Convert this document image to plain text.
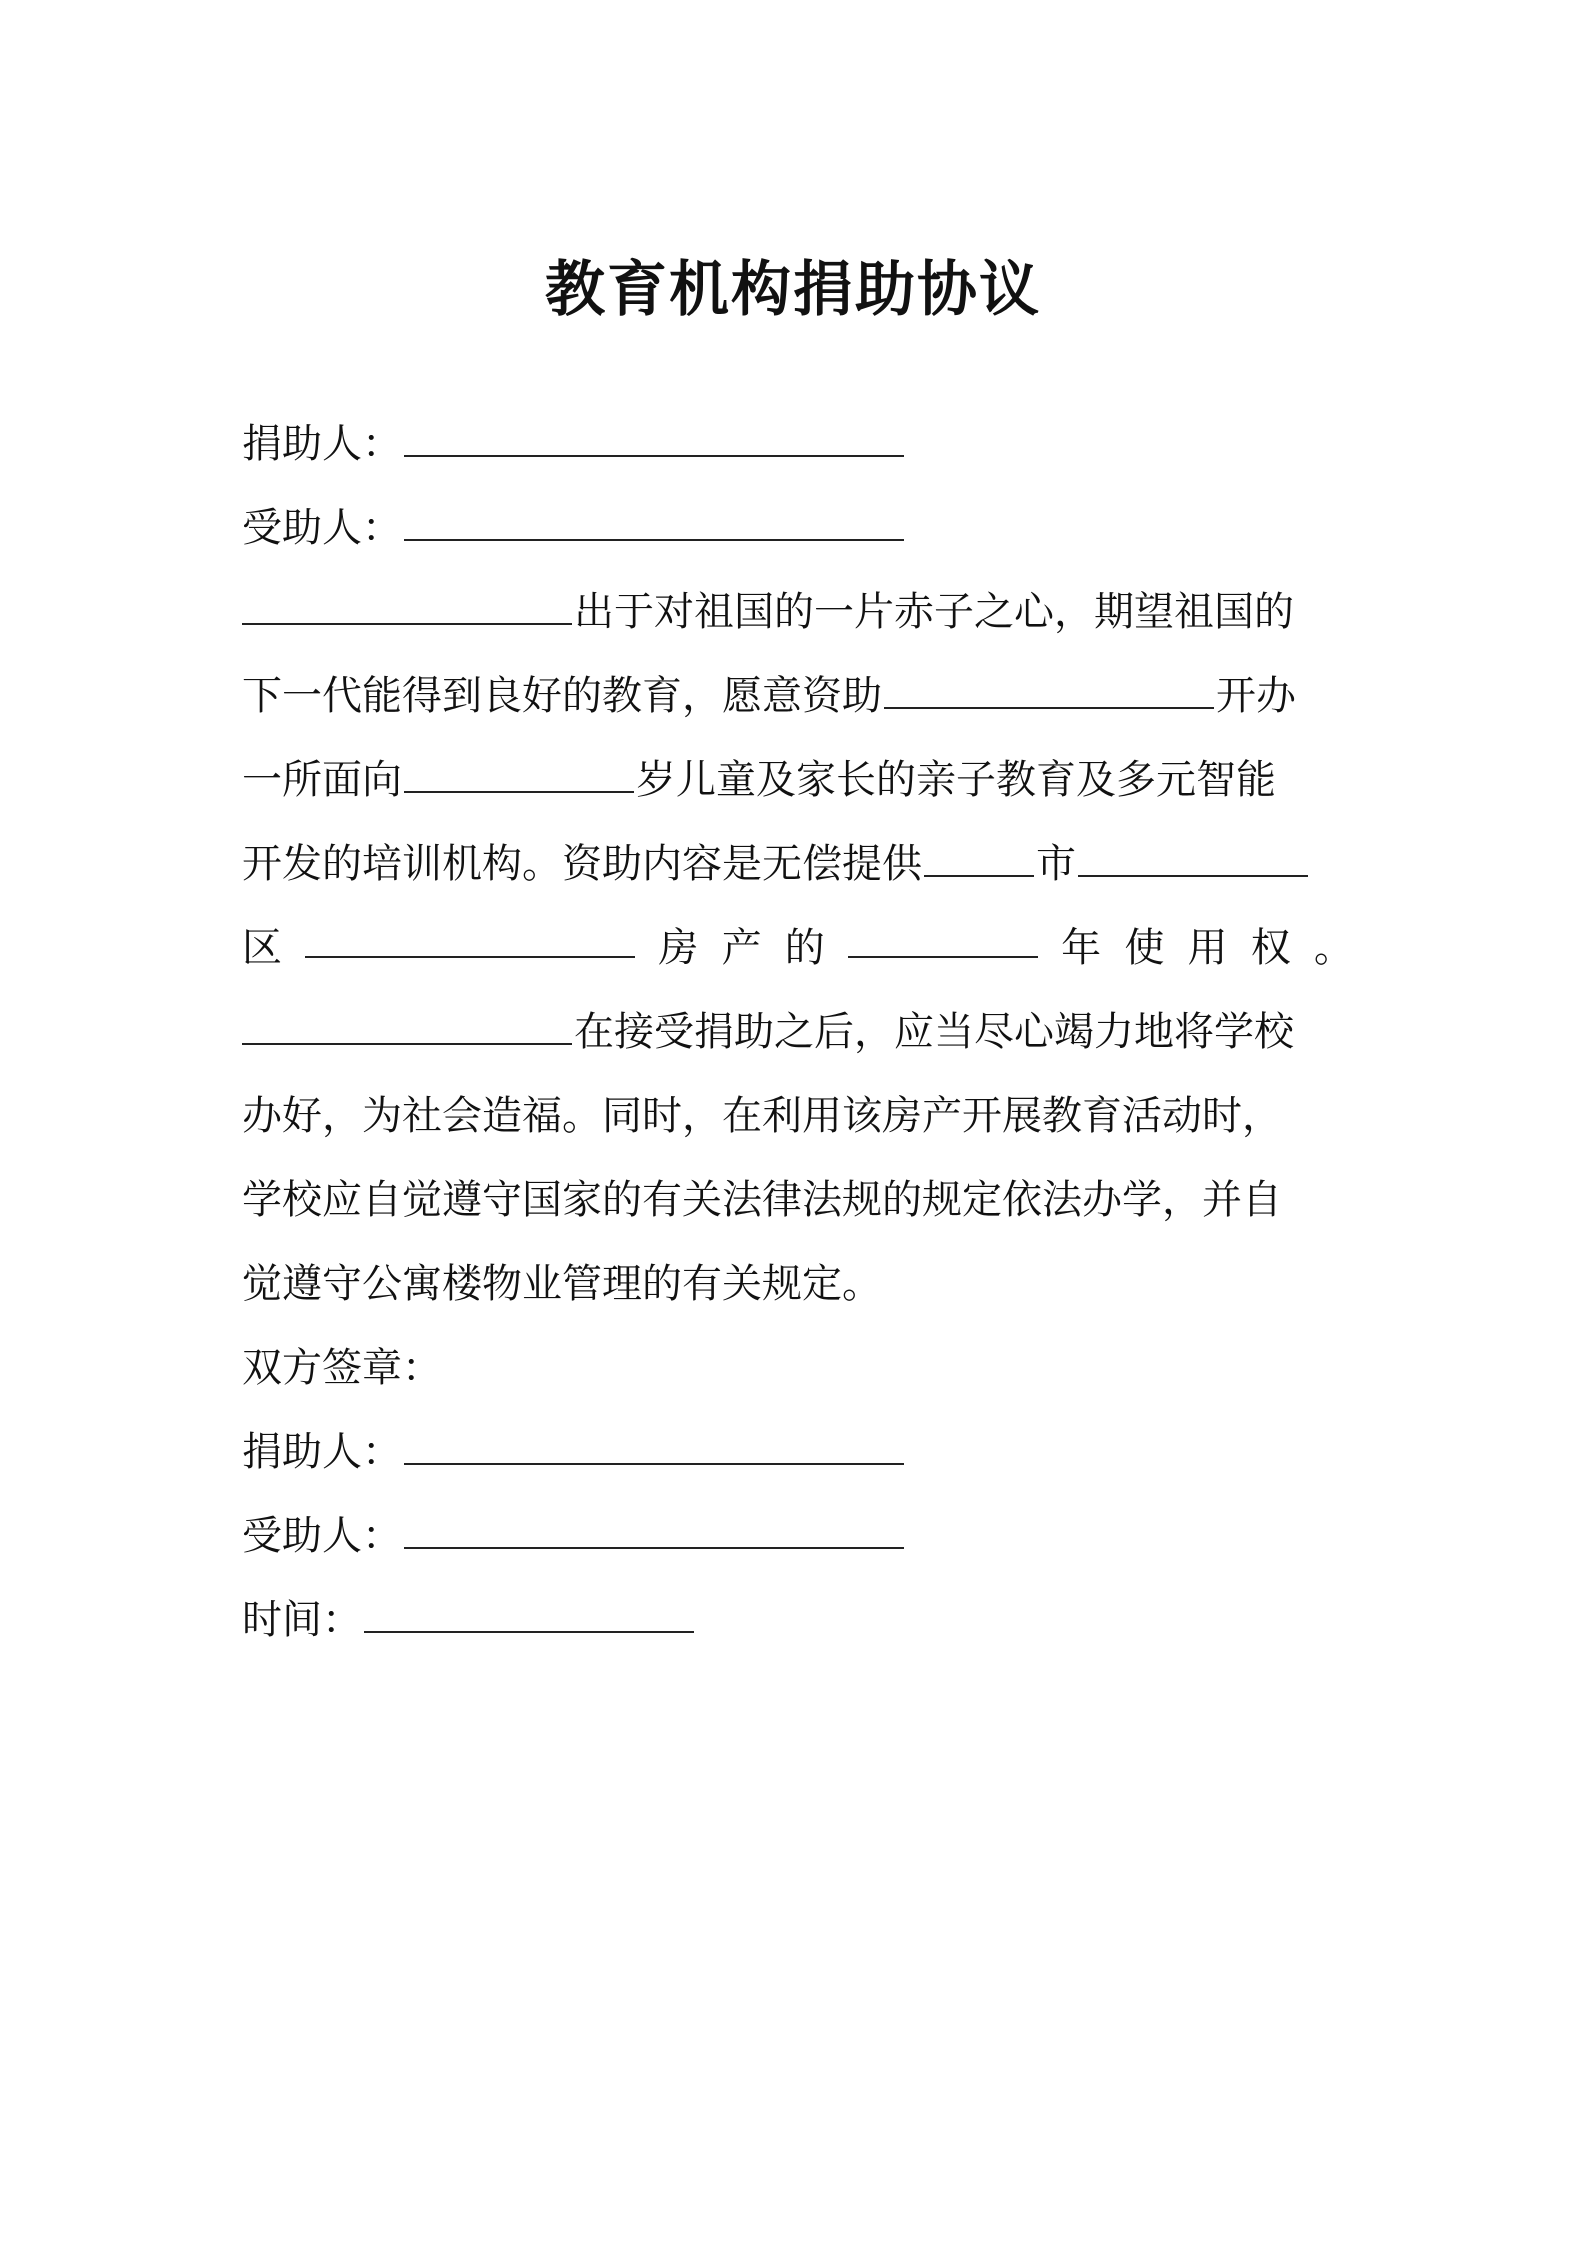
教育机构捐助协议
捐助人：
受助人：
出于对祖国的一片赤子之心，期望祖国的
下一代能得到良好的教育，愿意资助	开办
一所面向	岁儿童及家长的亲子教育及多元智能
开发的培训机构。资助内容是无偿提供	市
区	房 产 的	年 使 用 权 。
在接受捐助之后，应当尽心竭力地将学校
办好，为社会造福。同时，在利用该房产开展教育活动时，
学校应自觉遵守国家的有关法律法规的规定依法办学，并自
觉遵守公寓楼物业管理的有关规定。
双方签章：
捐助人：
受助人：
时间：
